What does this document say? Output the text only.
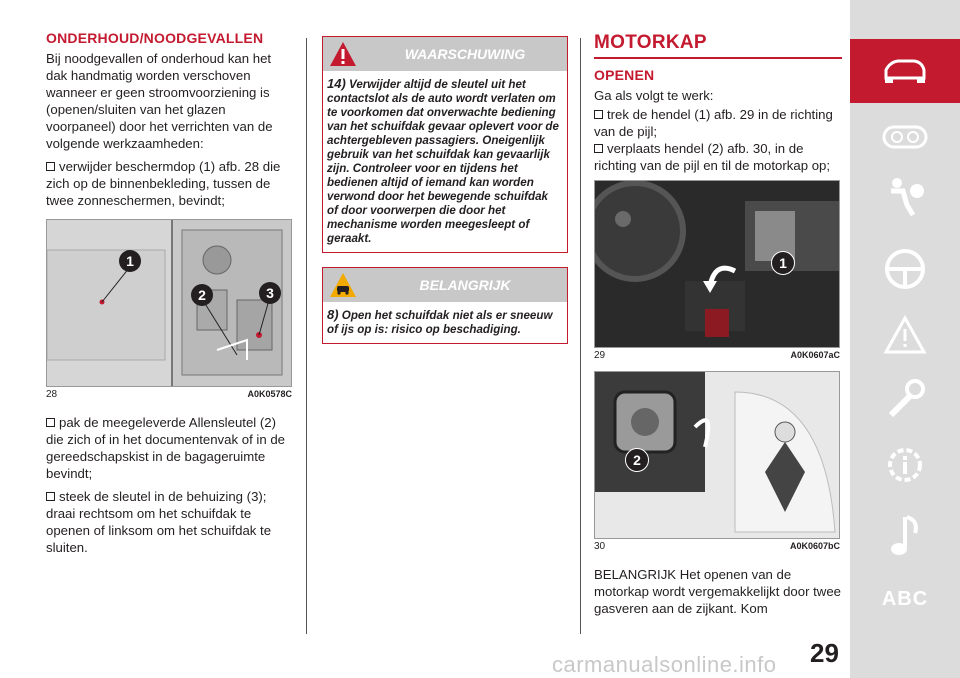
ONDERHOUD/NOODGEVALLEN

Bij noodgevallen of onderhoud kan het dak handmatig worden verschoven wanneer er geen stroomvoorziening is (openen/sluiten van het glazen voorpaneel) door het verrichten van de volgende werkzaamheden:

verwijder beschermdop (1) afb. 28 die zich op de binnenbekleding, tussen de twee zonneschermen, bevindt;

1
2	3
28	A0K0578C

pak de meegeleverde Allensleutel (2) die zich of in het documentenvak of in de gereedschapskist in de bagageruimte bevindt;

steek de sleutel in de behuizing (3); draai rechtsom om het schuifdak te openen of linksom om het schuifdak te sluiten.

WAARSCHUWING
14) Verwijder altijd de sleutel uit het contactslot als de auto wordt verlaten om te voorkomen dat onverwachte bediening van het schuifdak gevaar oplevert voor de achtergebleven passagiers. Oneigenlijk gebruik van het schuifdak kan gevaarlijk zijn. Controleer voor en tijdens het bedienen altijd of iemand kan worden verwond door het bewegende schuifdak of door voorwerpen die door het mechanisme worden meegesleept of geraakt.
BELANGRIJK
8) Open het schuifdak niet als er sneeuw of ijs op is: risico op beschadiging.
MOTORKAP
OPENEN

Ga als volgt te werk:

trek de hendel (1) afb. 29 in de richting van de pijl;

verplaats hendel (2) afb. 30, in de richting van de pijl en til de motorkap op;

1
29	A0K0607aC
2
30	A0K0607bC

BELANGRIJK Het openen van de motorkap wordt vergemakkelijkt door twee gasveren aan de zijkant. Kom	ABC
29
carmanualsonline.info
